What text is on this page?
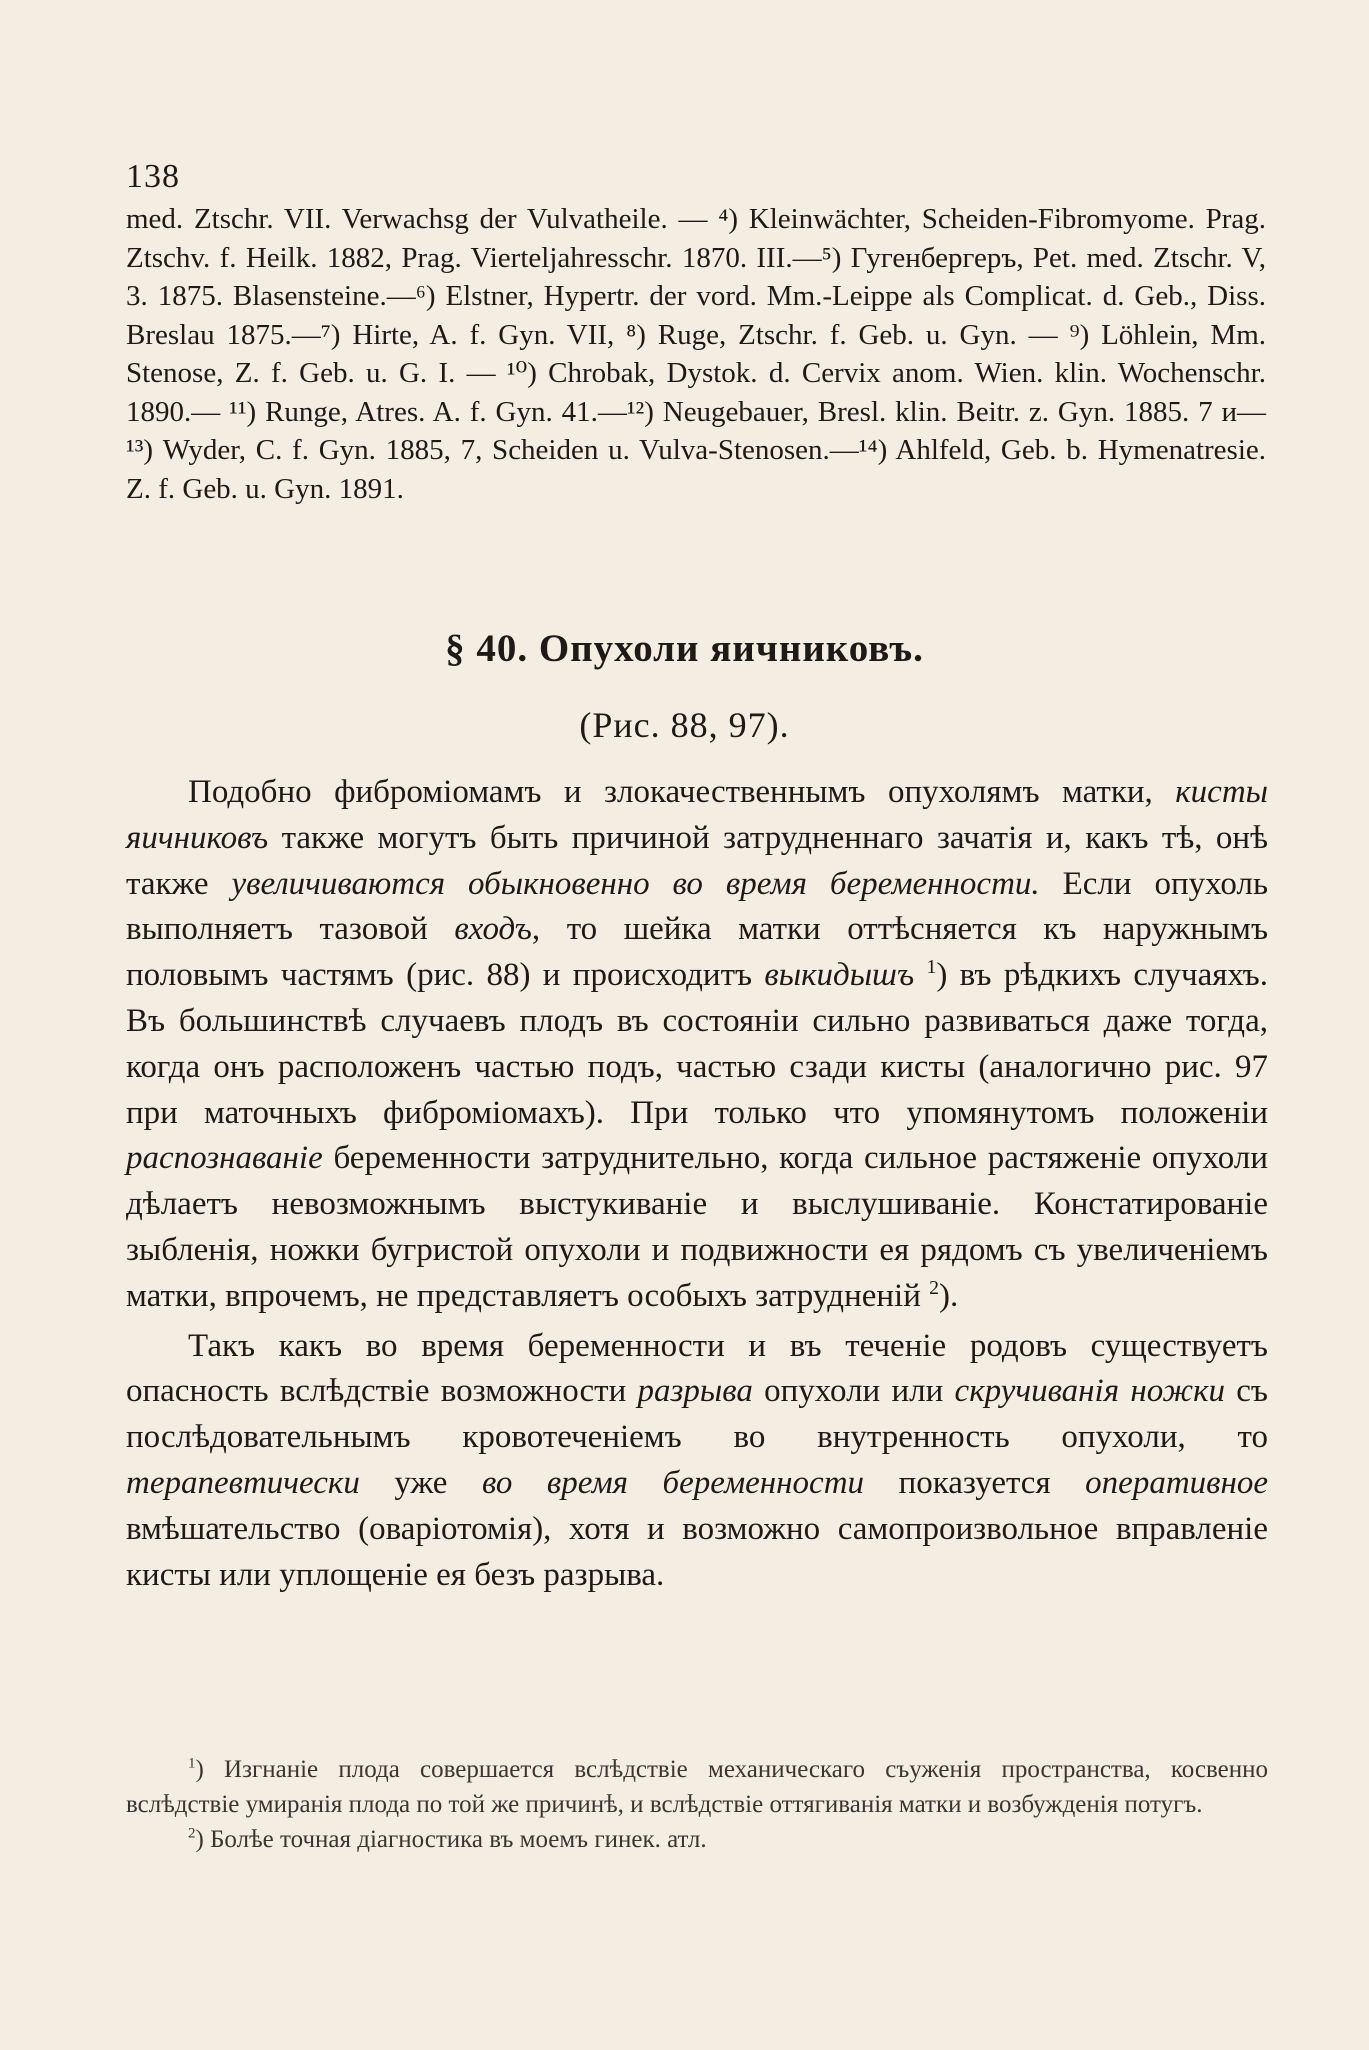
138
med. Ztschr. VII. Verwachsg der Vulvatheile. — ⁴) Kleinwächter, Scheiden-Fibromyome. Prag. Ztschv. f. Heilk. 1882, Prag. Vierteljahresschr. 1870. III.—⁵) Гугенбергеръ, Pet. med. Ztschr. V, 3. 1875. Blasensteine.—⁶) Elstner, Hypertr. der vord. Mm.-Leippe als Complicat. d. Geb., Diss. Breslau 1875.—⁷) Hirte, A. f. Gyn. VII, ⁸) Ruge, Ztschr. f. Geb. u. Gyn. — ⁹) Löhlein, Mm. Stenose, Z. f. Geb. u. G. I. — ¹⁰) Chrobak, Dystok. d. Cervix anom. Wien. klin. Wochenschr. 1890.— ¹¹) Runge, Atres. A. f. Gyn. 41.—¹²) Neugebauer, Bresl. klin. Beitr. z. Gyn. 1885. 7 и—¹³) Wyder, C. f. Gyn. 1885, 7, Scheiden u. Vulva-Stenosen.—¹⁴) Ahlfeld, Geb. b. Hymenatresie. Z. f. Geb. u. Gyn. 1891.
§ 40. Опухоли яичниковъ.
(Рис. 88, 97).

Подобно фиброміомамъ и злокачественнымъ опухолямъ матки, кисты яичниковъ также могутъ быть причиной затрудненнаго зачатія и, какъ тѣ, онѣ также увеличиваются обыкновенно во время беременности. Если опухоль выполняетъ тазовой входъ, то шейка матки оттѣсняется къ наружнымъ половымъ частямъ (рис. 88) и происходитъ выкидышъ $^1$) въ рѣдкихъ случаяхъ. Въ большинствѣ случаевъ плодъ въ состояніи сильно развиваться даже тогда, когда онъ расположенъ частью подъ, частью сзади кисты (аналогично рис. 97 при маточныхъ фиброміомахъ). При только что упомянутомъ положеніи распознаваніе беременности затруднительно, когда сильное растяженіе опухоли дѣлаетъ невозможнымъ выстукиваніе и выслушиваніе. Констатированіе зыбленія, ножки бугристой опухоли и подвижности ея рядомъ съ увеличеніемъ матки, впрочемъ, не представляетъ особыхъ затрудненій $^2$).

Такъ какъ во время беременности и въ теченіе родовъ существуетъ опасность вслѣдствіе возможности разрыва опухоли или скручиванія ножки съ послѣдовательнымъ кровотеченіемъ во внутренность опухоли, то терапевтически уже во время беременности показуется оперативное вмѣшательство (оваріотомія), хотя и возможно самопроизвольное вправленіе кисты или уплощеніе ея безъ разрыва.

$^1$) Изгнаніе плода совершается вслѣдствіе механическаго съуженія пространства, косвенно вслѣдствіе умиранія плода по той же причинѣ, и вслѣдствіе оттягиванія матки и возбужденія потугъ.

$^2$) Болѣе точная діагностика въ моемъ гинек. атл.
